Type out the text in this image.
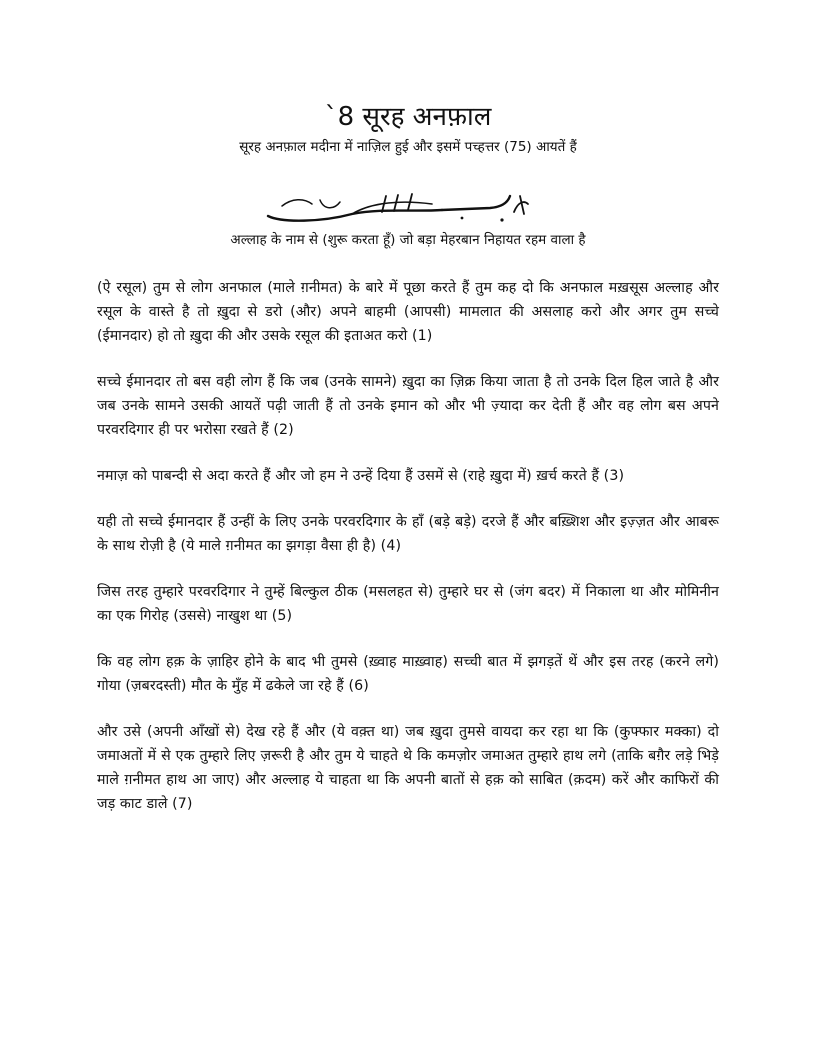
`8 सूरह अनफ़ाल
सूरह अनफ़ाल मदीना में नाज़िल हुई और इसमें पच्हत्तर (75) आयतें हैं
بسم الله الرحمن الرحيم
अल्लाह के नाम से (शुरू करता हूँ) जो बड़ा मेहरबान निहायत रहम वाला है

(ऐ रसूल) तुम से लोग अनफाल (माले ग़नीमत) के बारे में पूछा करते हैं तुम कह दो कि अनफाल मख़सूस अल्लाह और रसूल के वास्ते है तो ख़ुदा से डरो (और) अपने बाहमी (आपसी) मामलात की असलाह करो और अगर तुम सच्चे (ईमानदार) हो तो ख़ुदा की और उसके रसूल की इताअत करो (1)

सच्चे ईमानदार तो बस वही लोग हैं कि जब (उनके सामने) ख़ुदा का ज़िक्र किया जाता है तो उनके दिल हिल जाते है और जब उनके सामने उसकी आयतें पढ़ी जाती हैं तो उनके इमान को और भी ज़्यादा कर देती हैं और वह लोग बस अपने परवरदिगार ही पर भरोसा रखते हैं (2)

नमाज़ को पाबन्दी से अदा करते हैं और जो हम ने उन्हें दिया हैं उसमें से (राहे ख़ुदा में) ख़र्च करते हैं (3)

यही तो सच्चे ईमानदार हैं उन्हीं के लिए उनके परवरदिगार के हाँ (बड़े बड़े) दरजे हैं और बख़्शिश और इज़्ज़त और आबरू के साथ रोज़ी है (ये माले ग़नीमत का झगड़ा वैसा ही है) (4)

जिस तरह तुम्हारे परवरदिगार ने तुम्हें बिल्कुल ठीक (मसलहत से) तुम्हारे घर से (जंग बदर) में निकाला था और मोमिनीन का एक गिरोह (उससे) नाखुश था (5)

कि वह लोग हक़ के ज़ाहिर होने के बाद भी तुमसे (ख़्वाह माख़्वाह) सच्ची बात में झगड़तें थें और इस तरह (करने लगे) गोया (ज़बरदस्ती) मौत के मुँह में ढकेले जा रहे हैं (6)

और उसे (अपनी आँखों से) देख रहे हैं और (ये वक़्त था) जब ख़ुदा तुमसे वायदा कर रहा था कि (कुफ्फार मक्का) दो जमाअतों में से एक तुम्हारे लिए ज़रूरी है और तुम ये चाहते थे कि कमज़ोर जमाअत तुम्हारे हाथ लगे (ताकि बग़ैर लड़े भिड़े माले ग़नीमत हाथ आ जाए) और अल्लाह ये चाहता था कि अपनी बातों से हक़ को साबित (क़दम) करें और काफिरों की जड़ काट डाले (7)
